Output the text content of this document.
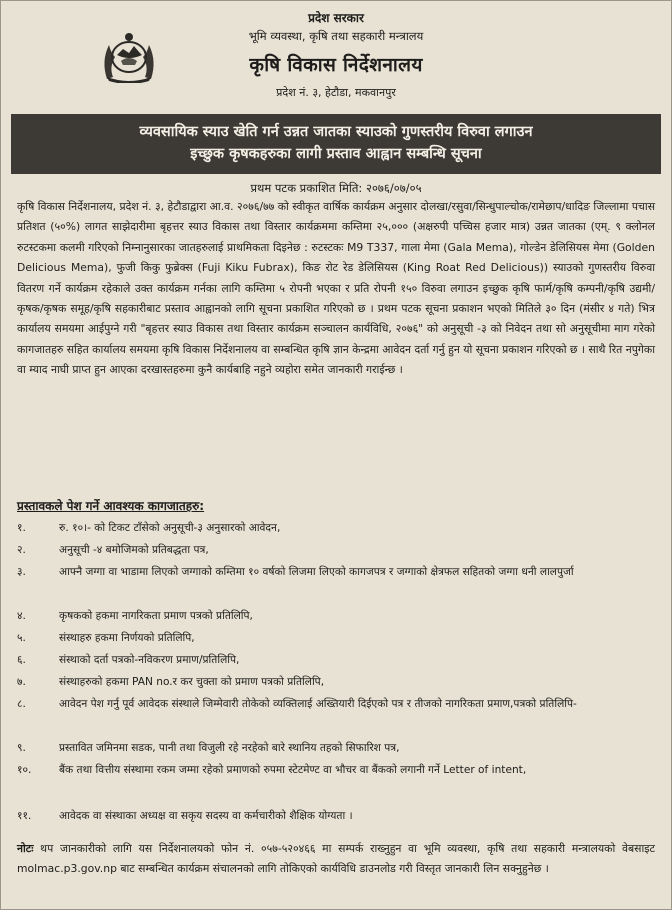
प्रदेश सरकार
भूमि व्यवस्था, कृषि तथा सहकारी मन्त्रालय
कृषि विकास निर्देशनालय
प्रदेश नं. ३, हेटौडा, मकवानपुर
व्यवसायिक स्याउ खेति गर्न उन्नत जातका स्याउको गुणस्तरीय विरुवा लगाउन
इच्छुक कृषकहरुका लागी प्रस्ताव आह्वान सम्बन्धि सूचना
प्रथम पटक प्रकाशित मिति: २०७६/०७/०५
कृषि विकास निर्देशनालय, प्रदेश नं. ३, हेटौडाद्वारा आ.व. २०७६/७७ को स्वीकृत वार्षिक कार्यक्रम अनुसार दोलखा/रसुवा/सिन्धुपाल्चोक/रामेछाप/धादिङ जिल्लामा पचास प्रतिशत (५०%) लागत साझेदारीमा बृहत्तर स्याउ विकास तथा विस्तार कार्यक्रममा कम्तिमा २५,००० (अक्षरुपी पच्चिस हजार मात्र) उन्नत जातका (एम्. ९ क्लोनल रुटस्टकमा कलमी गरिएको निम्नानुसारका जातहरुलाई प्राथमिकता दिइनेछ : रुटस्टकः M9 T337, गाला मेमा (Gala Mema), गोल्डेन डेलिसियस मेमा (Golden Delicious Mema), फुजी किकु फुब्रेक्स (Fuji Kiku Fubrax), किङ रोट रेड डेलिसियस (King Roat Red Delicious)) स्याउको गुणस्तरीय विरुवा वितरण गर्ने कार्यक्रम रहेकाले उक्त कार्यक्रम गर्नका लागि कम्तिमा ५ रोपनी भएका र प्रति रोपनी १५० विरुवा लगाउन इच्छुक कृषि फार्म/कृषि कम्पनी/कृषि उद्यमी/कृषक/कृषक समूह/कृषि सहकारीबाट प्रस्ताव आह्वानको लागि सूचना प्रकाशित गरिएको छ । प्रथम पटक सूचना प्रकाशन भएको मितिले ३० दिन (मंसीर ४ गते) भित्र कार्यालय समयमा आईपुग्ने गरी "बृहत्तर स्याउ विकास तथा विस्तार कार्यक्रम सञ्चालन कार्यविधि, २०७६" को अनुसूची -३ को निवेदन तथा सो अनुसूचीमा माग गरेको कागजातहरु सहित कार्यालय समयमा कृषि विकास निर्देशनालय वा सम्बन्धित कृषि ज्ञान केन्द्रमा आवेदन दर्ता गर्नु हुन यो सूचना प्रकाशन गरिएको छ । साथै रित नपुगेका वा म्याद नाघी प्राप्त हुन आएका दरखास्तहरुमा कुनै कार्यबाहि नहुने व्यहोरा समेत जानकारी गराईन्छ ।
प्रस्तावकले पेश गर्ने आवश्यक कागजातहरु:
१.	रु. १०।- को टिकट टाँसेको अनुसूची-३ अनुसारको आवेदन,
२.	अनुसूची -४ बमोजिमको प्रतिबद्धता पत्र,
३.	आफ्नै जग्गा वा भाडामा लिएको जग्गाको कम्तिमा १० वर्षको लिजमा लिएको कागजपत्र र जग्गाको क्षेत्रफल सहितको जग्गा धनी लालपुर्जा
४.	कृषकको हकमा नागरिकता प्रमाण पत्रको प्रतिलिपि,
५.	संस्थाहरु हकमा निर्णयको प्रतिलिपि,
६.	संस्थाको दर्ता पत्रको-नविकरण प्रमाण/प्रतिलिपि,
७.	संस्थाहरुको हकमा PAN no.र कर चुक्ता को प्रमाण पत्रको प्रतिलिपि,
८.	आवेदन पेश गर्नु पूर्व आवेदक संस्थाले जिम्मेवारी तोकेको व्यक्तिलाई अख्तियारी दिईएको पत्र र तीजको नागरिकता प्रमाण,पत्रको प्रतिलिपि-
९.	प्रस्तावित जमिनमा सडक, पानी तथा विजुली रहे नरहेको बारे स्थानिय तहको सिफारिश पत्र,
१०.	बैंक तथा वित्तीय संस्थामा रकम जम्मा रहेको प्रमाणको रुपमा स्टेटमेण्ट वा भौचर वा बैंकको लगानी गर्ने Letter of intent,
११.	आवेदक वा संस्थाका अध्यक्ष वा सकृय सदस्य वा कर्मचारीको शैक्षिक योग्यता ।
नोटः थप जानकारीको लागि यस निर्देशनालयको फोन नं. ०५७-५२०४६६ मा सम्पर्क राख्नुहुन वा भूमि व्यवस्था, कृषि तथा सहकारी मन्त्रालयको वेबसाइट molmac.p3.gov.np बाट सम्बन्धित कार्यक्रम संचालनको लागि तोकिएको कार्यविधि डाउनलोड गरी विस्तृत जानकारी लिन सक्नुहुनेछ ।
